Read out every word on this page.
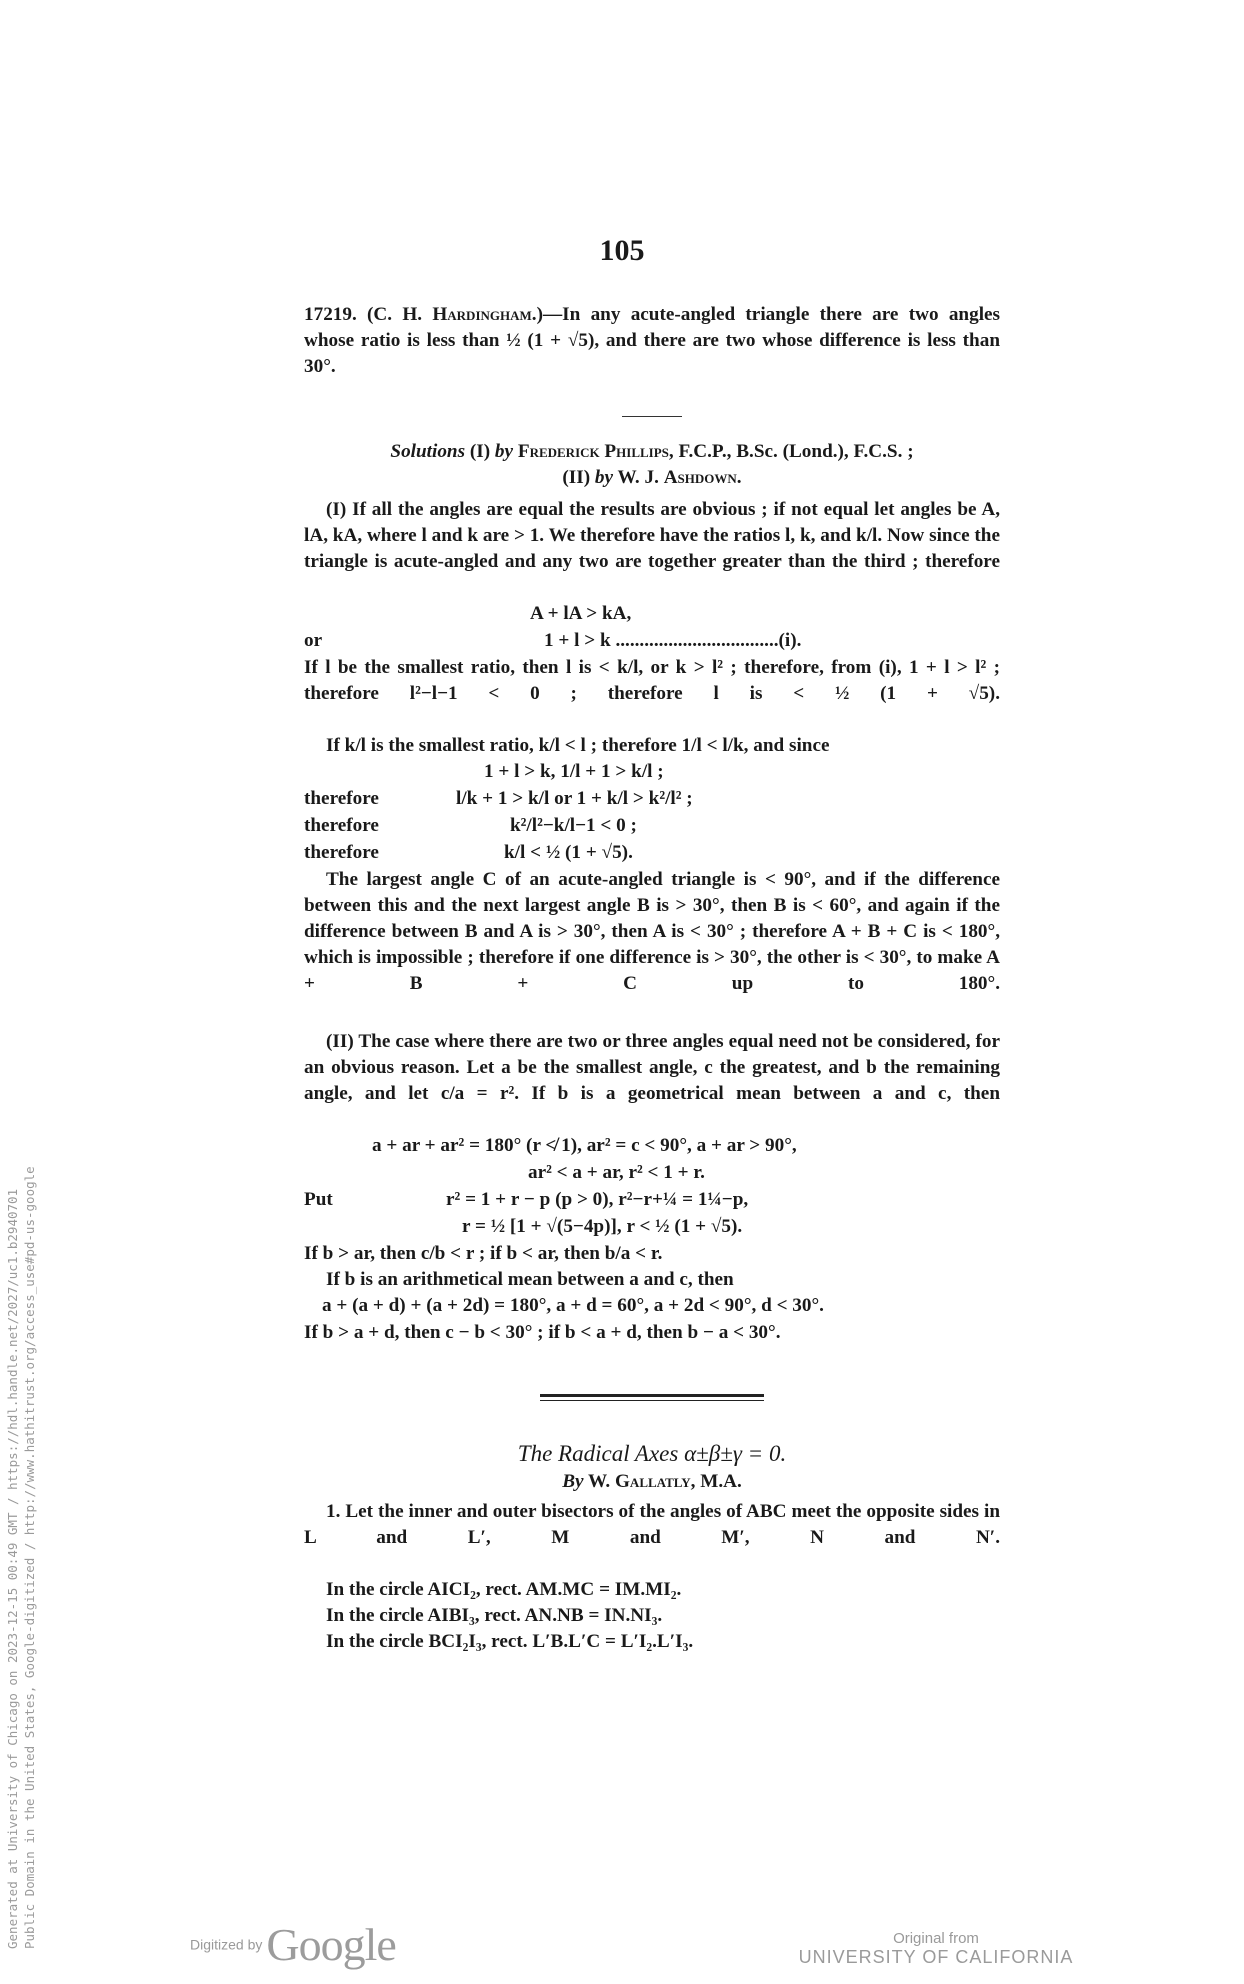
105

17219. (C. H. Hardingham.)—In any acute-angled triangle there are two angles whose ratio is less than ½ (1 + √5), and there are two whose difference is less than 30°.

Solutions (I) by Frederick Phillips, F.C.P., B.Sc. (Lond.), F.C.S. ;

(II) by W. J. Ashdown.

(I) If all the angles are equal the results are obvious ; if not equal let angles be A, lA, kA, where l and k are > 1. We therefore have the ratios l, k, and k/l. Now since the triangle is acute-angled and any two are together greater than the third ; therefore

A + lA > kA,
or	1 + l > k ..................................(i).

If l be the smallest ratio, then l is < k/l, or k > l² ; therefore, from (i), 1 + l > l² ; therefore l²−l−1 < 0 ; therefore l is < ½ (1 + √5).

If k/l is the smallest ratio, k/l < l ; therefore 1/l < l/k, and since

1 + l > k, 1/l + 1 > k/l ;
therefore	l/k + 1 > k/l or 1 + k/l > k²/l² ;
therefore	k²/l²−k/l−1 < 0 ;
therefore	k/l < ½ (1 + √5).

The largest angle C of an acute-angled triangle is < 90°, and if the difference between this and the next largest angle B is > 30°, then B is < 60°, and again if the difference between B and A is > 30°, then A is < 30° ; therefore A + B + C is < 180°, which is impossible ; therefore if one difference is > 30°, the other is < 30°, to make A + B + C up to 180°.

(II) The case where there are two or three angles equal need not be considered, for an obvious reason. Let a be the smallest angle, c the greatest, and b the remaining angle, and let c/a = r². If b is a geometrical mean between a and c, then

a + ar + ar² = 180° (r ≮ 1), ar² = c < 90°, a + ar > 90°,
ar² < a + ar, r² < 1 + r.
Put	r² = 1 + r − p (p > 0), r²−r+¼ = 1¼−p,
r = ½ [1 + √(5−4p)], r < ½ (1 + √5).

If b > ar, then c/b < r ; if b < ar, then b/a < r.

If b is an arithmetical mean between a and c, then

a + (a + d) + (a + 2d) = 180°, a + d = 60°, a + 2d < 90°, d < 30°.

If b > a + d, then c − b < 30° ; if b < a + d, then b − a < 30°.

The Radical Axes α±β±γ = 0.

By W. Gallatly, M.A.

1. Let the inner and outer bisectors of the angles of ABC meet the opposite sides in L and L′, M and M′, N and N′.

In the circle AICI₂, rect. AM.MC = IM.MI₂.

In the circle AIBI₃, rect. AN.NB = IN.NI₃.

In the circle BCI₂I₃, rect. L′B.L′C = L′I₂.L′I₃.

Generated at University of Chicago on 2023-12-15 00:49 GMT / https://hdl.handle.net/2027/uc1.b2940701 Public Domain in the United States, Google-digitized / http://www.hathitrust.org/access_use#pd-us-google	Digitized by Google	Original from
UNIVERSITY OF CALIFORNIA
